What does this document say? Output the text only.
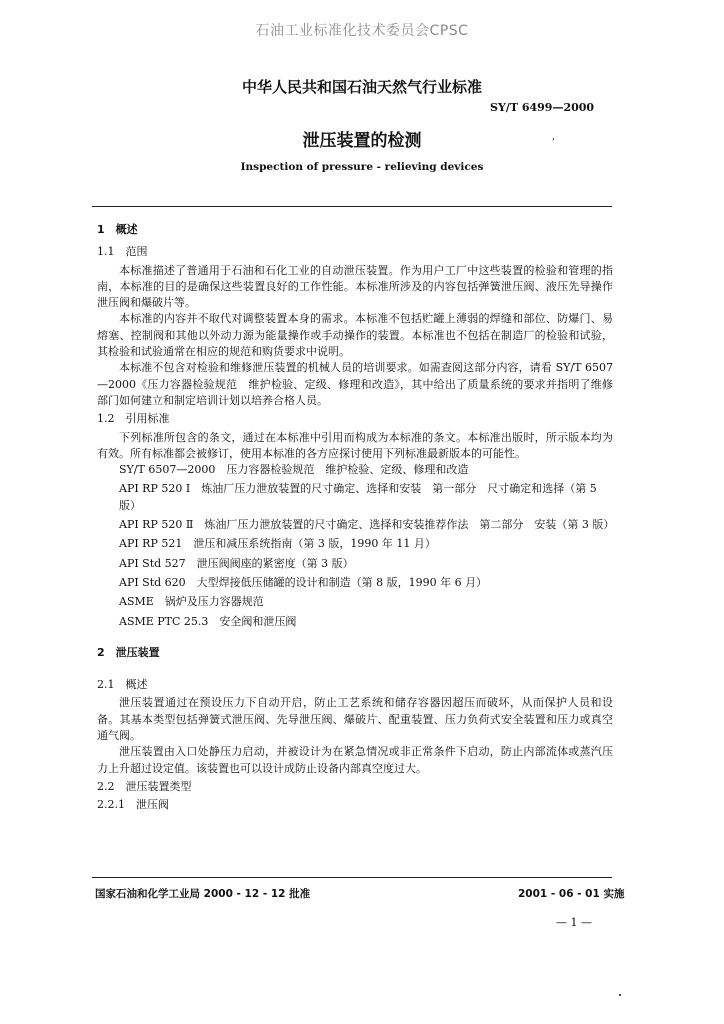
石油工业标准化技术委员会CPSC
中华人民共和国石油天然气行业标准
SY/T 6499—2000
泄压装置的检测	,
Inspection of pressure - relieving devices
1　概述
1.1　范围

本标准描述了普通用于石油和石化工业的自动泄压装置。作为用户工厂中这些装置的检验和管理的指南，本标准的目的是确保这些装置良好的工作性能。本标准所涉及的内容包括弹簧泄压阀、液压先导操作泄压阀和爆破片等。

本标准的内容并不取代对调整装置本身的需求。本标准不包括贮罐上薄弱的焊缝和部位、防爆门、易熔塞、控制阀和其他以外动力源为能量操作或手动操作的装置。本标准也不包括在制造厂的检验和试验，其检验和试验通常在相应的规范和购货要求中说明。

本标准不包含对检验和维修泄压装置的机械人员的培训要求。如需查阅这部分内容，请看 SY/T 6507—2000《压力容器检验规范　维护检验、定级、修理和改造》，其中给出了质量系统的要求并指明了维修部门如何建立和制定培训计划以培养合格人员。

1.2　引用标准

下列标准所包含的条文，通过在本标准中引用而构成为本标准的条文。本标准出版时，所示版本均为有效。所有标准都会被修订，使用本标准的各方应探讨使用下列标准最新版本的可能性。

SY/T 6507—2000　压力容器检验规范　维护检验、定级、修理和改造

API RP 520 Ⅰ　炼油厂压力泄放装置的尺寸确定、选择和安装　第一部分　尺寸确定和选择（第 5 版）

API RP 520 Ⅱ　炼油厂压力泄放装置的尺寸确定、选择和安装推荐作法　第二部分　安装（第 3 版）

API RP 521　泄压和减压系统指南（第 3 版，1990 年 11 月）

API Std 527　泄压阀阀座的紧密度（第 3 版）

API Std 620　大型焊接低压储罐的设计和制造（第 8 版，1990 年 6 月）

ASME　锅炉及压力容器规范

ASME PTC 25.3　安全阀和泄压阀

2　泄压装置
2.1　概述

泄压装置通过在预设压力下自动开启，防止工艺系统和储存容器因超压而破坏，从而保护人员和设备。其基本类型包括弹簧式泄压阀、先导泄压阀、爆破片、配重装置、压力负荷式安全装置和压力或真空通气阀。

泄压装置由入口处静压力启动，并被设计为在紧急情况或非正常条件下启动，防止内部流体或蒸汽压力上升超过设定值。该装置也可以设计成防止设备内部真空度过大。

2.2　泄压装置类型
2.2.1　泄压阀
国家石油和化学工业局 2000 - 12 - 12 批准	2001 - 06 - 01 实施
— 1 —
